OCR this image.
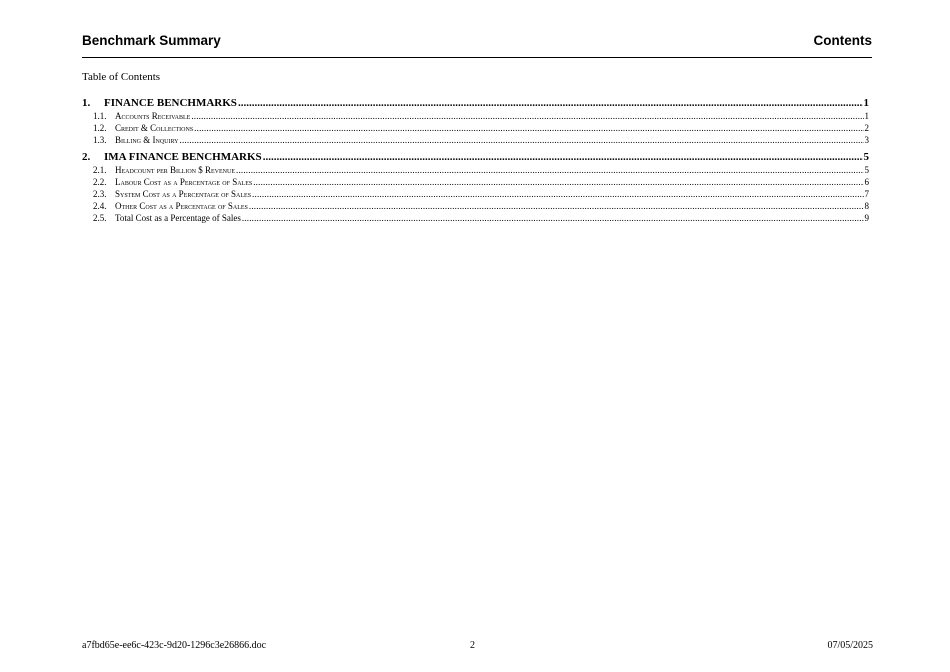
Benchmark Summary	Contents
Table of Contents
1.	FINANCE BENCHMARKS .....	1
1.1. Accounts Receivable .....	1
1.2. Credit & Collections .....	2
1.3. Billing & Inquiry .....	3
2.	IMA FINANCE BENCHMARKS .....	5
2.1. Headcount per Billion $ Revenue .....	5
2.2. Labour Cost as a Percentage of Sales .....	6
2.3. System Cost as a Percentage of Sales .....	7
2.4. Other Cost as a Percentage of Sales .....	8
2.5. Total Cost as a Percentage of Sales .....	9
a7fbd65e-ee6c-423c-9d20-1296c3e26866.doc	2	07/05/2025
